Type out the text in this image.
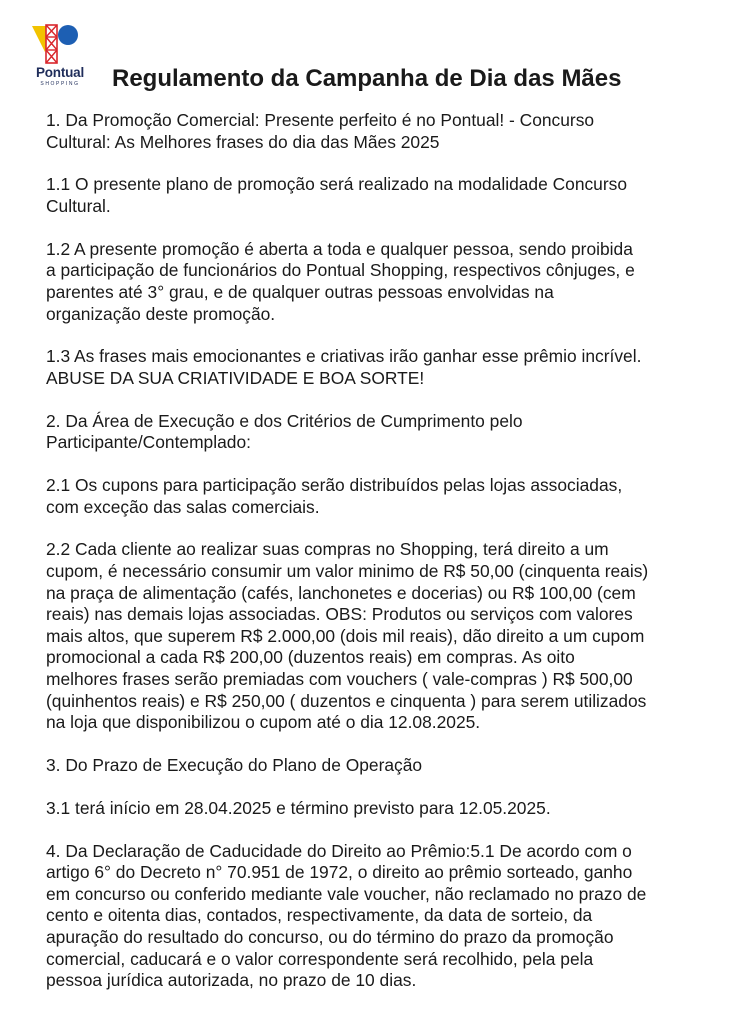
Pontual
SHOPPING	Regulamento da Campanha de Dia das Mães

1. Da Promoção Comercial: Presente perfeito é no Pontual! - Concurso
Cultural: As Melhores frases do dia das Mães 2025

1.1 O presente plano de promoção será realizado na modalidade Concurso
Cultural.

1.2 A presente promoção é aberta a toda e qualquer pessoa, sendo proibida
a participação de funcionários do Pontual Shopping, respectivos cônjuges, e
parentes até 3° grau, e de qualquer outras pessoas envolvidas na
organização deste promoção.

1.3 As frases mais emocionantes e criativas irão ganhar esse prêmio incrível.
ABUSE DA SUA CRIATIVIDADE E BOA SORTE!

2. Da Área de Execução e dos Critérios de Cumprimento pelo
Participante/Contemplado:

2.1 Os cupons para participação serão distribuídos pelas lojas associadas,
com exceção das salas comerciais.

2.2 Cada cliente ao realizar suas compras no Shopping, terá direito a um
cupom, é necessário consumir um valor minimo de R$ 50,00 (cinquenta reais)
na praça de alimentação (cafés, lanchonetes e docerias) ou R$ 100,00 (cem
reais) nas demais lojas associadas. OBS: Produtos ou serviços com valores
mais altos, que superem R$ 2.000,00 (dois mil reais), dão direito a um cupom
promocional a cada R$ 200,00 (duzentos reais) em compras. As oito
melhores frases serão premiadas com vouchers ( vale-compras ) R$ 500,00
(quinhentos reais) e R$ 250,00 ( duzentos e cinquenta ) para serem utilizados
na loja que disponibilizou o cupom até o dia 12.08.2025.

3. Do Prazo de Execução do Plano de Operação

3.1 terá início em 28.04.2025 e término previsto para 12.05.2025.

4. Da Declaração de Caducidade do Direito ao Prêmio:5.1 De acordo com o
artigo 6° do Decreto n° 70.951 de 1972, o direito ao prêmio sorteado, ganho
em concurso ou conferido mediante vale voucher, não reclamado no prazo de
cento e oitenta dias, contados, respectivamente, da data de sorteio, da
apuração do resultado do concurso, ou do término do prazo da promoção
comercial, caducará e o valor correspondente será recolhido, pela pela
pessoa jurídica autorizada, no prazo de 10 dias.
